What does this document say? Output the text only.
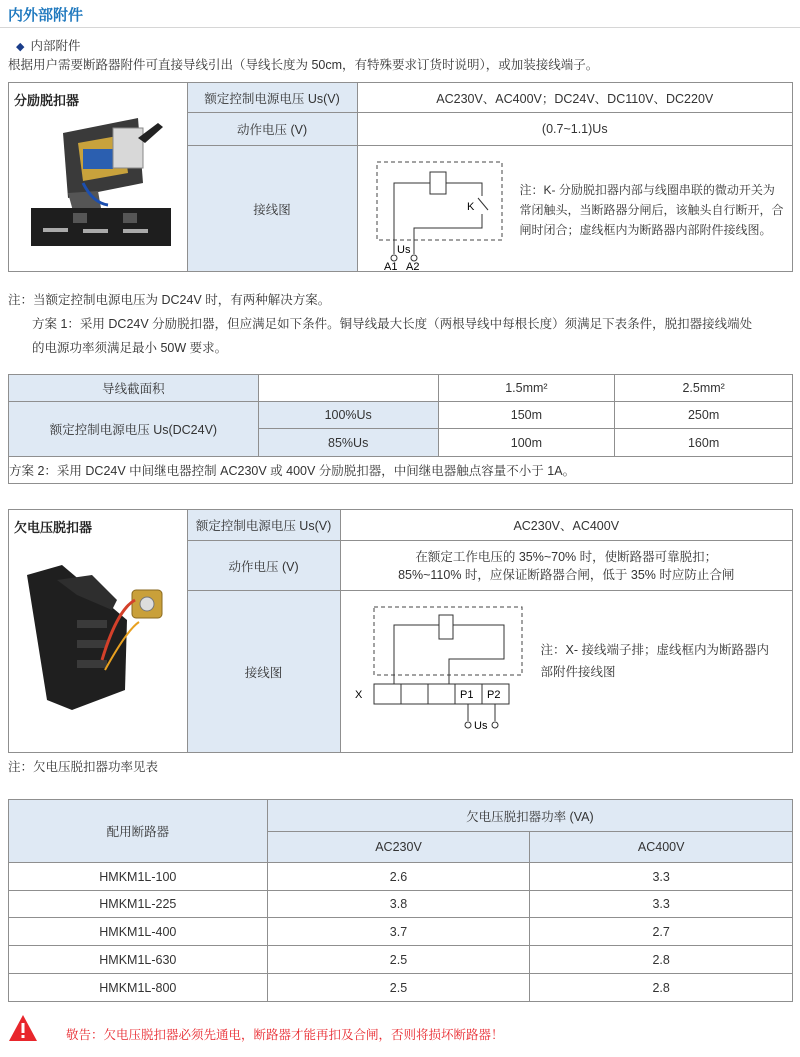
内外部附件
◆ 内部附件
根据用户需要断路器附件可直接导线引出（导线长度为 50cm，有特殊要求订货时说明），或加装接线端子。
分励脱扣器	额定控制电源电压 Us(V)	AC230V、AC400V；DC24V、DC110V、DC220V
	动作电压 (V)	(0.7~1.1)Us
	接线图	K
Us
A1 A2
注：K- 分励脱扣器内部与线圈串联的微动开关为常闭触头，当断路器分闸后，该触头自行断开，合闸时闭合；虚线框内为断路器内部附件接线图。
注：当额定控制电源电压为 DC24V 时，有两种解决方案。
方案 1：采用 DC24V 分励脱扣器，但应满足如下条件。铜导线最大长度（两根导线中每根长度）须满足下表条件，脱扣器接线端处
的电源功率须满足最小 50W 要求。
导线截面积		1.5mm²	2.5mm²
额定控制电源电压 Us(DC24V)	100%Us	150m	250m
	85%Us	100m	160m
方案 2：采用 DC24V 中间继电器控制 AC230V 或 400V 分励脱扣器，中间继电器触点容量不小于 1A。			
欠电压脱扣器	额定控制电源电压 Us(V)	AC230V、AC400V
	动作电压 (V)	在额定工作电压的 35%~70% 时，使断路器可靠脱扣；
85%~110% 时，应保证断路器合闸，低于 35% 时应防止合闸

	接线图	X P1 P2
Us
注：X- 接线端子排；虚线框内为断路器内部附件接线图
注：欠电压脱扣器功率见表
配用断路器	欠电压脱扣器功率 (VA)	
	AC230V	AC400V
HMKM1L-100	2.6	3.3
HMKM1L-225	3.8	3.3
HMKM1L-400	3.7	2.7
HMKM1L-630	2.5	2.8
HMKM1L-800	2.5	2.8
敬告：欠电压脱扣器必须先通电，断路器才能再扣及合闸，否则将损坏断路器！
